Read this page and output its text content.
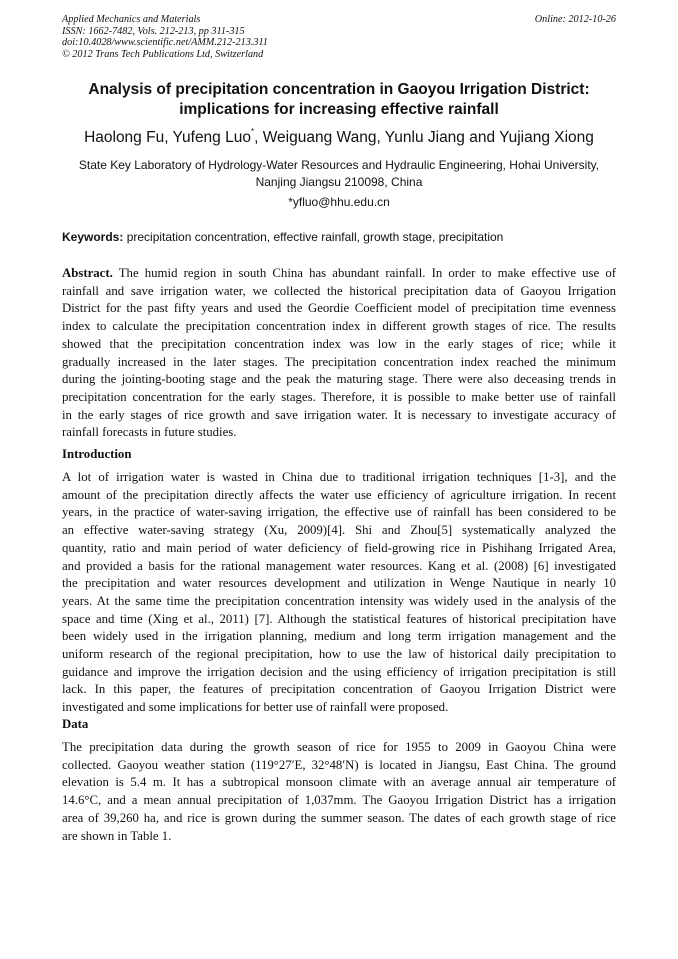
Applied Mechanics and Materials
ISSN: 1662-7482, Vols. 212-213, pp 311-315
doi:10.4028/www.scientific.net/AMM.212-213.311
© 2012 Trans Tech Publications Ltd, Switzerland
Online: 2012-10-26
Analysis of precipitation concentration in Gaoyou Irrigation District:
implications for increasing effective rainfall
Haolong Fu, Yufeng Luo*, Weiguang Wang, Yunlu Jiang and Yujiang Xiong
State Key Laboratory of Hydrology-Water Resources and Hydraulic Engineering, Hohai University,
Nanjing Jiangsu 210098, China
*yfluo@hhu.edu.cn
Keywords: precipitation concentration, effective rainfall, growth stage, precipitation
Abstract. The humid region in south China has abundant rainfall. In order to make effective use of
rainfall and save irrigation water, we collected the historical precipitation data of Gaoyou Irrigation
District for the past fifty years and used the Geordie Coefficient model of precipitation time evenness
index to calculate the precipitation concentration index in different growth stages of rice. The results
showed that the precipitation concentration index was low in the early stages of rice; while it
gradually increased in the later stages. The precipitation concentration index reached the minimum
during the jointing-booting stage and the peak the maturing stage. There were also deceasing trends in
precipitation concentration for the early stages. Therefore, it is possible to make better use of rainfall
in the early stages of rice growth and save irrigation water. It is necessary to investigate accuracy of
rainfall forecasts in future studies.
Introduction
A lot of irrigation water is wasted in China due to traditional irrigation techniques [1-3], and the
amount of the precipitation directly affects the water use efficiency of agriculture irrigation. In recent
years, in the practice of water-saving irrigation, the effective use of rainfall has been considered to be
an effective water-saving strategy (Xu, 2009)[4]. Shi and Zhou[5] systematically analyzed the
quantity, ratio and main period of water deficiency of field-growing rice in Pishihang Irrigated Area,
and provided a basis for the rational management water resources. Kang et al. (2008) [6] investigated
the precipitation and water resources development and utilization in Wenge Nautique in nearly 10
years. At the same time the precipitation concentration intensity was widely used in the analysis of the
space and time (Xing et al., 2011) [7]. Although the statistical features of historical precipitation have
been widely used in the irrigation planning, medium and long term irrigation management and the
uniform research of the regional precipitation, how to use the law of historical daily precipitation to
guidance and improve the irrigation decision and the using efficiency of irrigation precipitation is still
lack. In this paper, the features of precipitation concentration of Gaoyou Irrigation District were
investigated and some implications for better use of rainfall were proposed.
Data
The precipitation data during the growth season of rice for 1955 to 2009 in Gaoyou China were
collected. Gaoyou weather station (119°27′E, 32°48′N) is located in Jiangsu, East China. The ground
elevation is 5.4 m. It has a subtropical monsoon climate with an average annual air temperature of
14.6°C, and a mean annual precipitation of 1,037mm. The Gaoyou Irrigation District has a irrigation
area of 39,260 ha, and rice is grown during the summer season. The dates of each growth stage of rice
are shown in Table 1.
